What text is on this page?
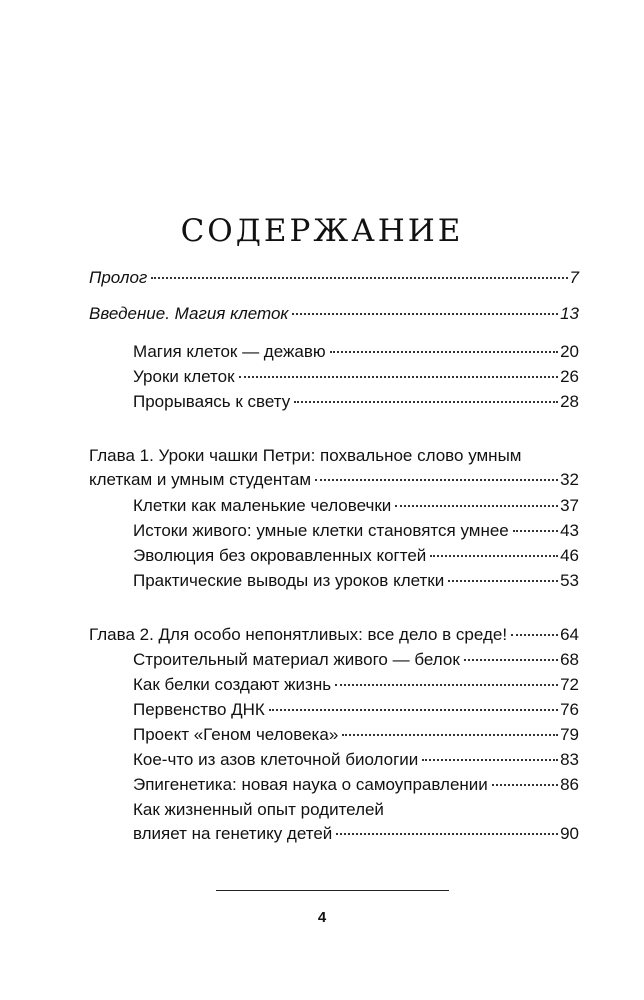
СОДЕРЖАНИЕ
Пролог	7
Введение. Магия клеток	13
Магия клеток — дежавю	20
Уроки клеток	26
Прорываясь к свету	28
Глава 1. Уроки чашки Петри: похвальное слово умным
клеткам и умным студентам	32
Клетки как маленькие человечки	37
Истоки живого: умные клетки становятся умнее	43
Эволюция без окровавленных когтей	46
Практические выводы из уроков клетки	53
Глава 2. Для особо непонятливых: все дело в среде!	64
Строительный материал живого — белок	68
Как белки создают жизнь	72
Первенство ДНК	76
Проект «Геном человека»	79
Кое-что из азов клеточной биологии	83
Эпигенетика: новая наука о самоуправлении	86
Как жизненный опыт родителей
влияет на генетику детей	90
4
